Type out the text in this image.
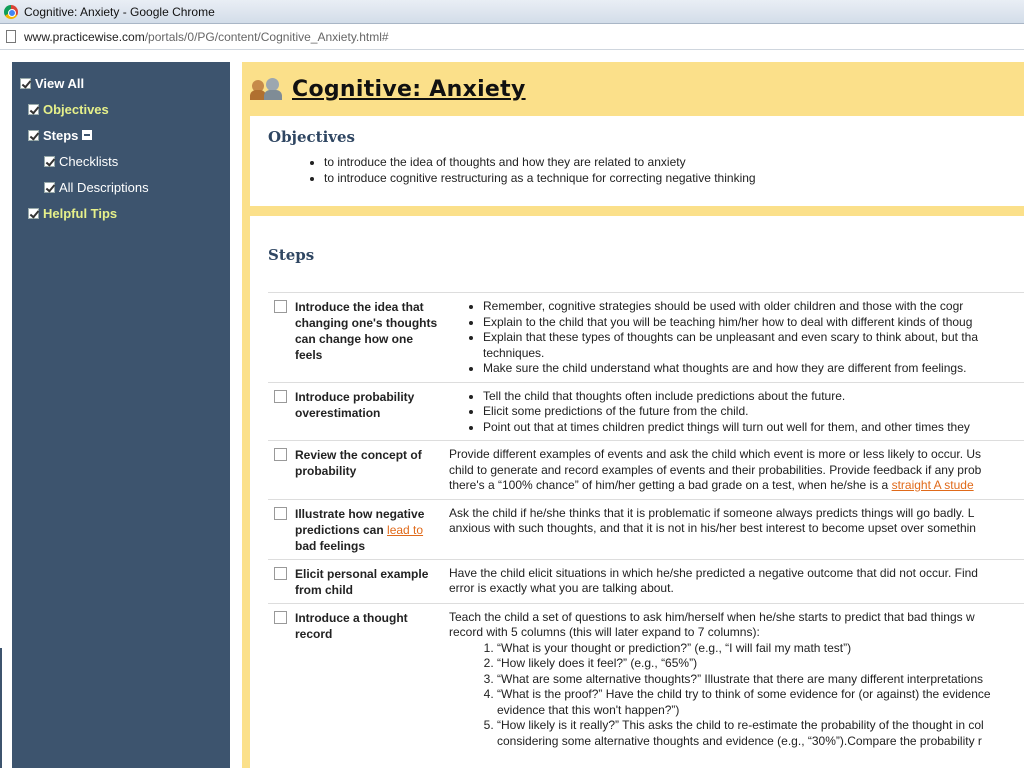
Cognitive: Anxiety - Google Chrome
www.practicewise.com /portals/0/PG/content/Cognitive_Anxiety.html#
View All
Objectives
Steps
Checklists
All Descriptions
Helpful Tips
Cognitive: Anxiety
Objectives
• to introduce the idea of thoughts and how they are related to anxiety
• to introduce cognitive restructuring as a technique for correcting negative thinking
Steps
Introduce the idea that changing one's thoughts can change how one feels
• Remember, cognitive strategies should be used with older children and those with the cogr
• Explain to the child that you will be teaching him/her how to deal with different kinds of thoug
• Explain that these types of thoughts can be unpleasant and even scary to think about, but tha
techniques.
• Make sure the child understand what thoughts are and how they are different from feelings.
Introduce probability overestimation
• Tell the child that thoughts often include predictions about the future.
• Elicit some predictions of the future from the child.
• Point out that at times children predict things will turn out well for them, and other times they
Review the concept of probability
Provide different examples of events and ask the child which event is more or less likely to occur. Us
child to generate and record examples of events and their probabilities. Provide feedback if any prob
there's a “100% chance” of him/her getting a bad grade on a test, when he/she is a straight A stude
Illustrate how negative predictions can lead to bad feelings
Ask the child if he/she thinks that it is problematic if someone always predicts things will go badly. L
anxious with such thoughts, and that it is not in his/her best interest to become upset over somethin
Elicit personal example from child
Have the child elicit situations in which he/she predicted a negative outcome that did not occur. Find
error is exactly what you are talking about.
Introduce a thought record
Teach the child a set of questions to ask him/herself when he/she starts to predict that bad things w
record with 5 columns (this will later expand to 7 columns):
1. “What is your thought or prediction?” (e.g., “I will fail my math test”)
2. “How likely does it feel?” (e.g., “65%”)
3. “What are some alternative thoughts?” Illustrate that there are many different interpretations
4. “What is the proof?” Have the child try to think of some evidence for (or against) the evidence
evidence that this won't happen?”)
5. “How likely is it really?” This asks the child to re-estimate the probability of the thought in col
considering some alternative thoughts and evidence (e.g., “30%”).Compare the probability r
